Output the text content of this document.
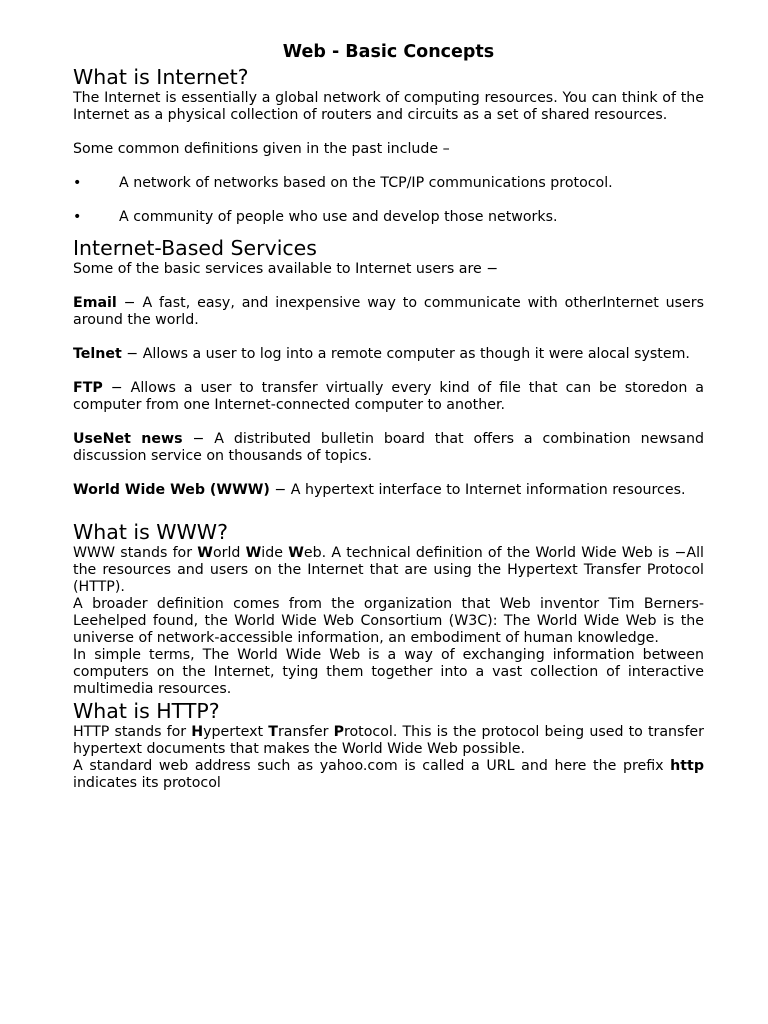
Web - Basic Concepts
What is Internet?

The Internet is essentially a global network of computing resources. You can think of the Internet as a physical collection of routers and circuits as a set of shared resources.

Some common definitions given in the past include –

•	A network of networks based on the TCP/IP communications protocol.
•	A community of people who use and develop those networks.
Internet-Based Services

Some of the basic services available to Internet users are −

Email − A fast, easy, and inexpensive way to communicate with otherInternet users around the world.

Telnet − Allows a user to log into a remote computer as though it were alocal system.

FTP − Allows a user to transfer virtually every kind of file that can be storedon a computer from one Internet-connected computer to another.

UseNet news − A distributed bulletin board that offers a combination newsand discussion service on thousands of topics.

World Wide Web (WWW) − A hypertext interface to Internet information resources.

What is WWW?

WWW stands for World Wide Web. A technical definition of the World Wide Web is −All the resources and users on the Internet that are using the Hypertext Transfer Protocol (HTTP).

A broader definition comes from the organization that Web inventor Tim Berners-Leehelped found, the World Wide Web Consortium (W3C): The World Wide Web is the universe of network-accessible information, an embodiment of human knowledge.

In simple terms, The World Wide Web is a way of exchanging information between computers on the Internet, tying them together into a vast collection of interactive multimedia resources.

What is HTTP?

HTTP stands for Hypertext Transfer Protocol. This is the protocol being used to transfer hypertext documents that makes the World Wide Web possible.

A standard web address such as yahoo.com is called a URL and here the prefix http indicates its protocol
